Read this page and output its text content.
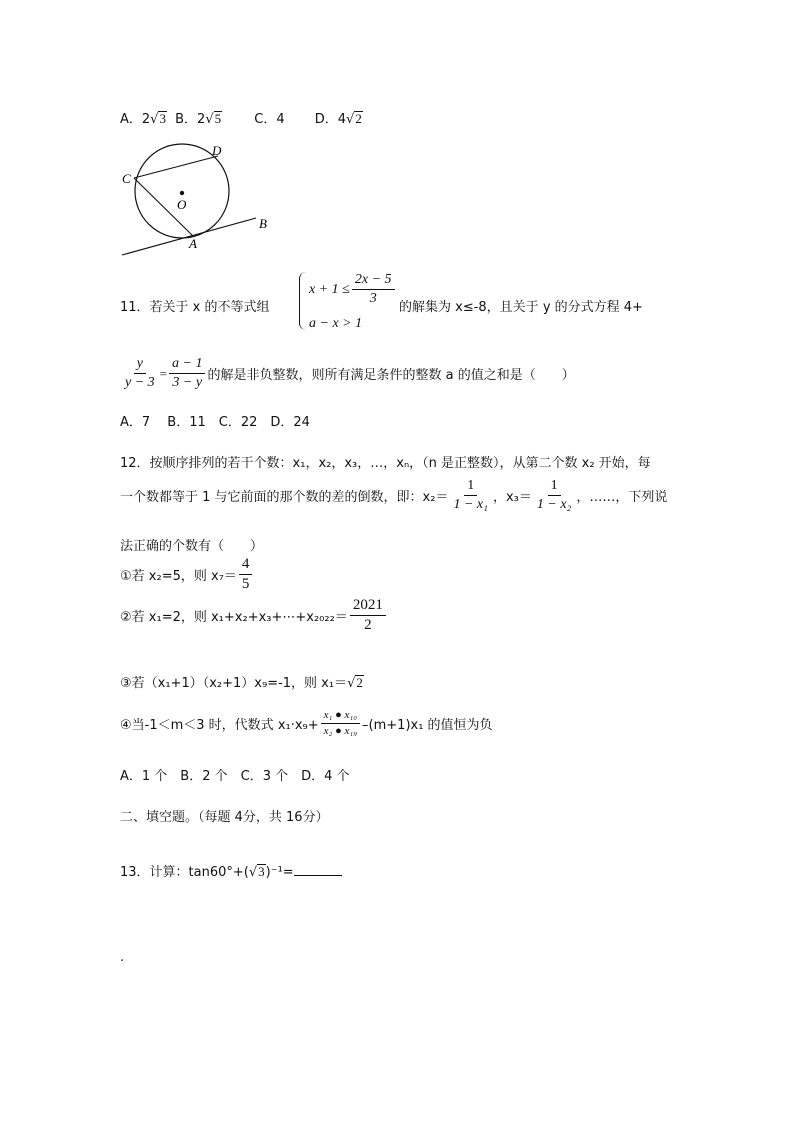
A．2√3 B．2√5	C．4 D．4√2
C
D
O
A
B
11．若关于 x 的不等式组
$x + 1 \le \frac{2x - 5}{3}$
a − x > 1
的解集为 x≤-8，且关于 y 的分式方程 4+
$\frac{y}{y - 3} = \frac{a - 1}{3 - y}$ 的解是非负整数，则所有满足条件的整数 a 的值之和是（　　）
A．7　 B．11　C．22　D．24
12．按顺序排列的若干个数：x₁，x₂，x₃，…，xₙ，（n 是正整数），从第二个数 x₂ 开始，每
一个数都等于 1 与它前面的那个数的差的倒数，即：$x_2= \frac{1}{\text{1 − x₁}}$ ，$x_3= \frac{1}{\text{1 − x₂}}$ ，……，下列说
法正确的个数有（　　）
①若 x₂=5，则 $x_7= \frac{4}{5}$
②若 x₁=2，则 x₁+x₂+x₃+⋯+x₂₀₂₂＝ $\frac{2021}{2}$
③若（x₁+1）（x₂+1）x₉=-1，则 x₁＝√2
④当-1＜m＜3 时，代数式 $x_1\cdot x_9+ \frac{\text{x₁ ● x₁₀}}{\text{x₂ ● x₁₉}} -(m+1)x_1$ 的值恒为负
A．1 个　B．2 个　C．3 个　D．4 个
二、填空题。（每题 4分，共 16分）
13．计算：tan60°+(√3)⁻¹=
.
